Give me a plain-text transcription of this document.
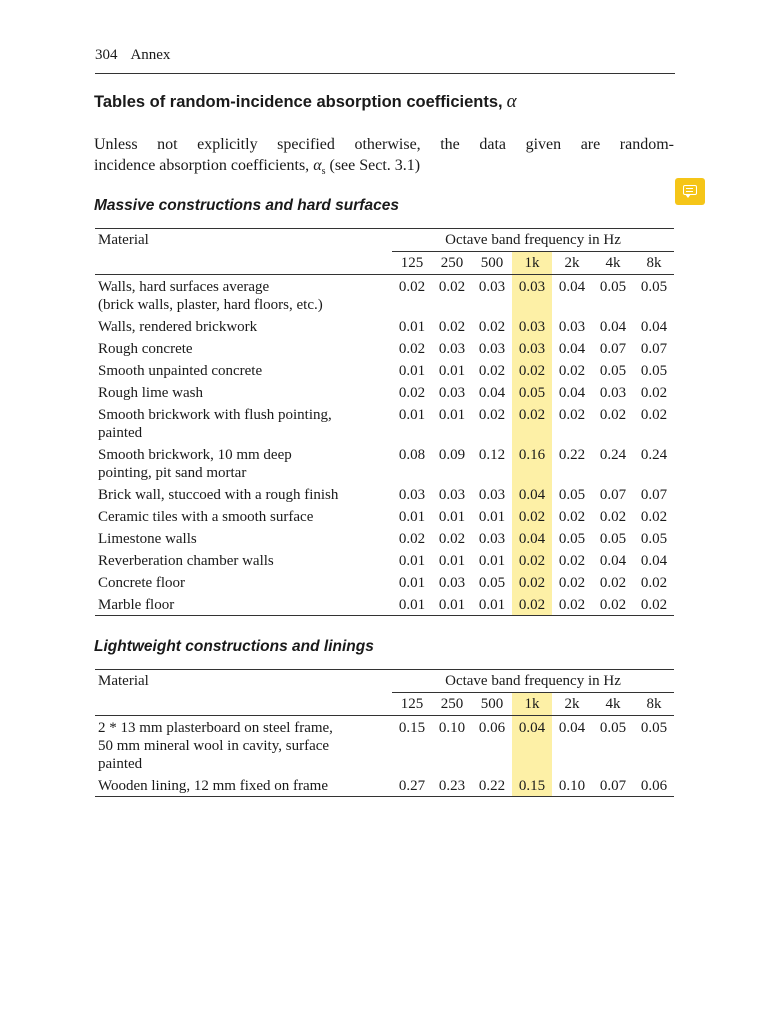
304 Annex
Tables of random-incidence absorption coefficients, α
Unless not explicitly specified otherwise, the data given are random-
incidence absorption coefficients, $\alpha_s$ (see Sect. 3.1)
Massive constructions and hard surfaces
Material	Octave band frequency in Hz						
	125	250	500	1k	2k	4k	8k

Walls, hard surfaces average
(brick walls, plaster, hard floors, etc.)	0.02	0.02	0.03	0.03	0.04	0.05	0.05

Walls, rendered brickwork	0.01	0.02	0.02	0.03	0.03	0.04	0.04

Rough concrete	0.02	0.03	0.03	0.03	0.04	0.07	0.07

Smooth unpainted concrete	0.01	0.01	0.02	0.02	0.02	0.05	0.05

Rough lime wash	0.02	0.03	0.04	0.05	0.04	0.03	0.02

Smooth brickwork with flush pointing,
painted	0.01	0.01	0.02	0.02	0.02	0.02	0.02

Smooth brickwork, 10 mm deep
pointing, pit sand mortar	0.08	0.09	0.12	0.16	0.22	0.24	0.24

Brick wall, stuccoed with a rough finish	0.03	0.03	0.03	0.04	0.05	0.07	0.07

Ceramic tiles with a smooth surface	0.01	0.01	0.01	0.02	0.02	0.02	0.02

Limestone walls	0.02	0.02	0.03	0.04	0.05	0.05	0.05

Reverberation chamber walls	0.01	0.01	0.01	0.02	0.02	0.04	0.04

Concrete floor	0.01	0.03	0.05	0.02	0.02	0.02	0.02

Marble floor	0.01	0.01	0.01	0.02	0.02	0.02	0.02
Lightweight constructions and linings
Material	Octave band frequency in Hz						
	125	250	500	1k	2k	4k	8k

2 * 13 mm plasterboard on steel frame,
50 mm mineral wool in cavity, surface
painted	0.15	0.10	0.06	0.04	0.04	0.05	0.05

Wooden lining, 12 mm fixed on frame	0.27	0.23	0.22	0.15	0.10	0.07	0.06
